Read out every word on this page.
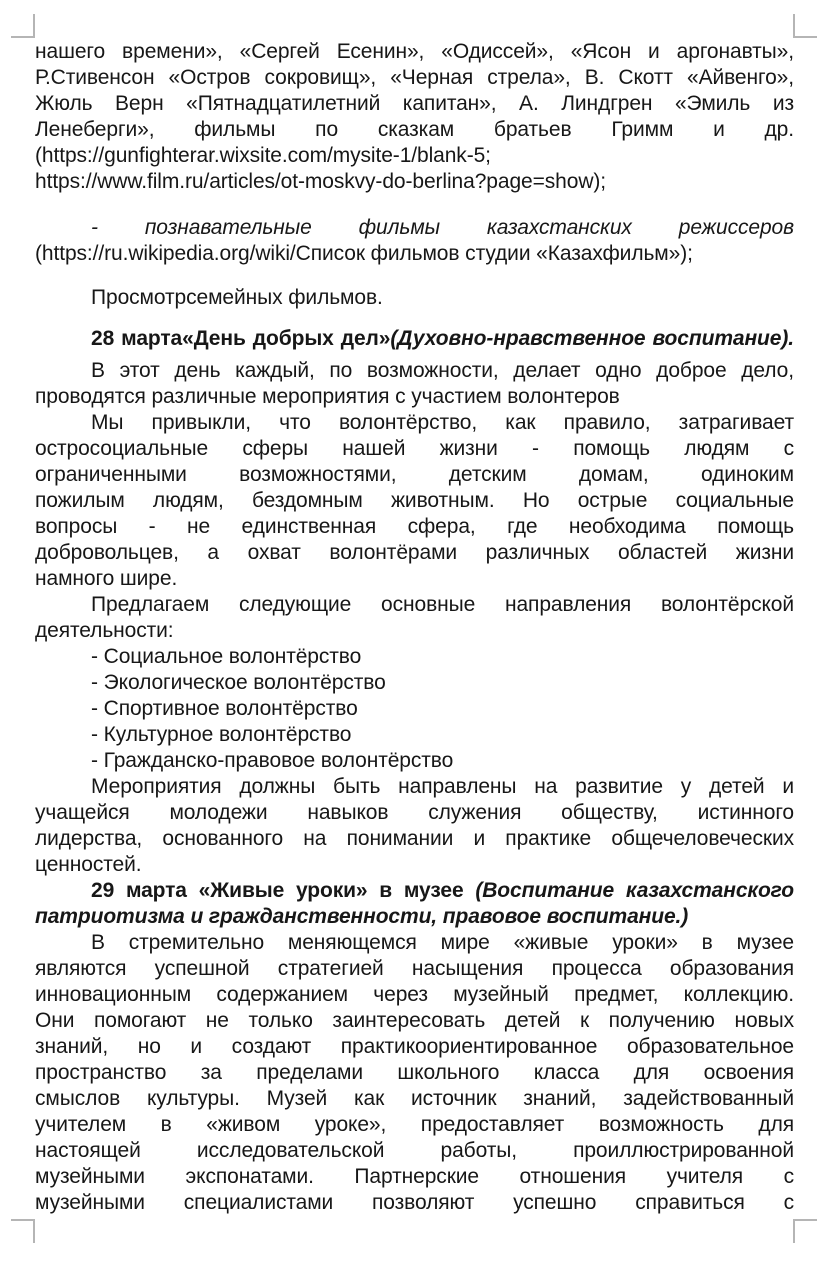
нашего времени», «Сергей Есенин», «Одиссей», «Ясон и аргонавты»,
Р.Стивенсон «Остров сокровищ», «Черная стрела», В. Скотт «Айвенго»,
Жюль Верн «Пятнадцатилетний капитан», А. Линдгрен «Эмиль из
Ленеберги», фильмы по сказкам братьев Гримм и др.
(https://gunfighterar.wixsite.com/mysite-1/blank-5;
https://www.film.ru/articles/ot-moskvy-do-berlina?page=show);
- познавательные фильмы казахстанских режиссеров
(https://ru.wikipedia.org/wiki/Список фильмов студии «Казахфильм»);
Просмотрсемейных фильмов.
28 марта«День добрых дел»(Духовно-нравственное воспитание).
В этот день каждый, по возможности, делает одно доброе дело,
проводятся различные мероприятия с участием волонтеров
Мы привыкли, что волонтёрство, как правило, затрагивает
остросоциальные сферы нашей жизни - помощь людям с
ограниченными возможностями, детским домам, одиноким
пожилым людям, бездомным животным. Но острые социальные
вопросы - не единственная сфера, где необходима помощь
добровольцев, а охват волонтёрами различных областей жизни
намного шире.
Предлагаем следующие основные направления волонтёрской
деятельности:
- Социальное волонтёрство
- Экологическое волонтёрство
- Спортивное волонтёрство
- Культурное волонтёрство
- Гражданско-правовое волонтёрство
Мероприятия должны быть направлены на развитие у детей и
учащейся молодежи навыков служения обществу, истинного
лидерства, основанного на понимании и практике общечеловеческих
ценностей.
29 марта «Живые уроки» в музее (Воспитание казахстанского
патриотизма и гражданственности, правовое воспитание.)
В стремительно меняющемся мире «живые уроки» в музее
являются успешной стратегией насыщения процесса образования
инновационным содержанием через музейный предмет, коллекцию.
Они помогают не только заинтересовать детей к получению новых
знаний, но и создают практикоориентированное образовательное
пространство за пределами школьного класса для освоения
смыслов культуры. Музей как источник знаний, задействованный
учителем в «живом уроке», предоставляет возможность для
настоящей исследовательской работы, проиллюстрированной
музейными экспонатами. Партнерские отношения учителя с
музейными специалистами позволяют успешно справиться с
